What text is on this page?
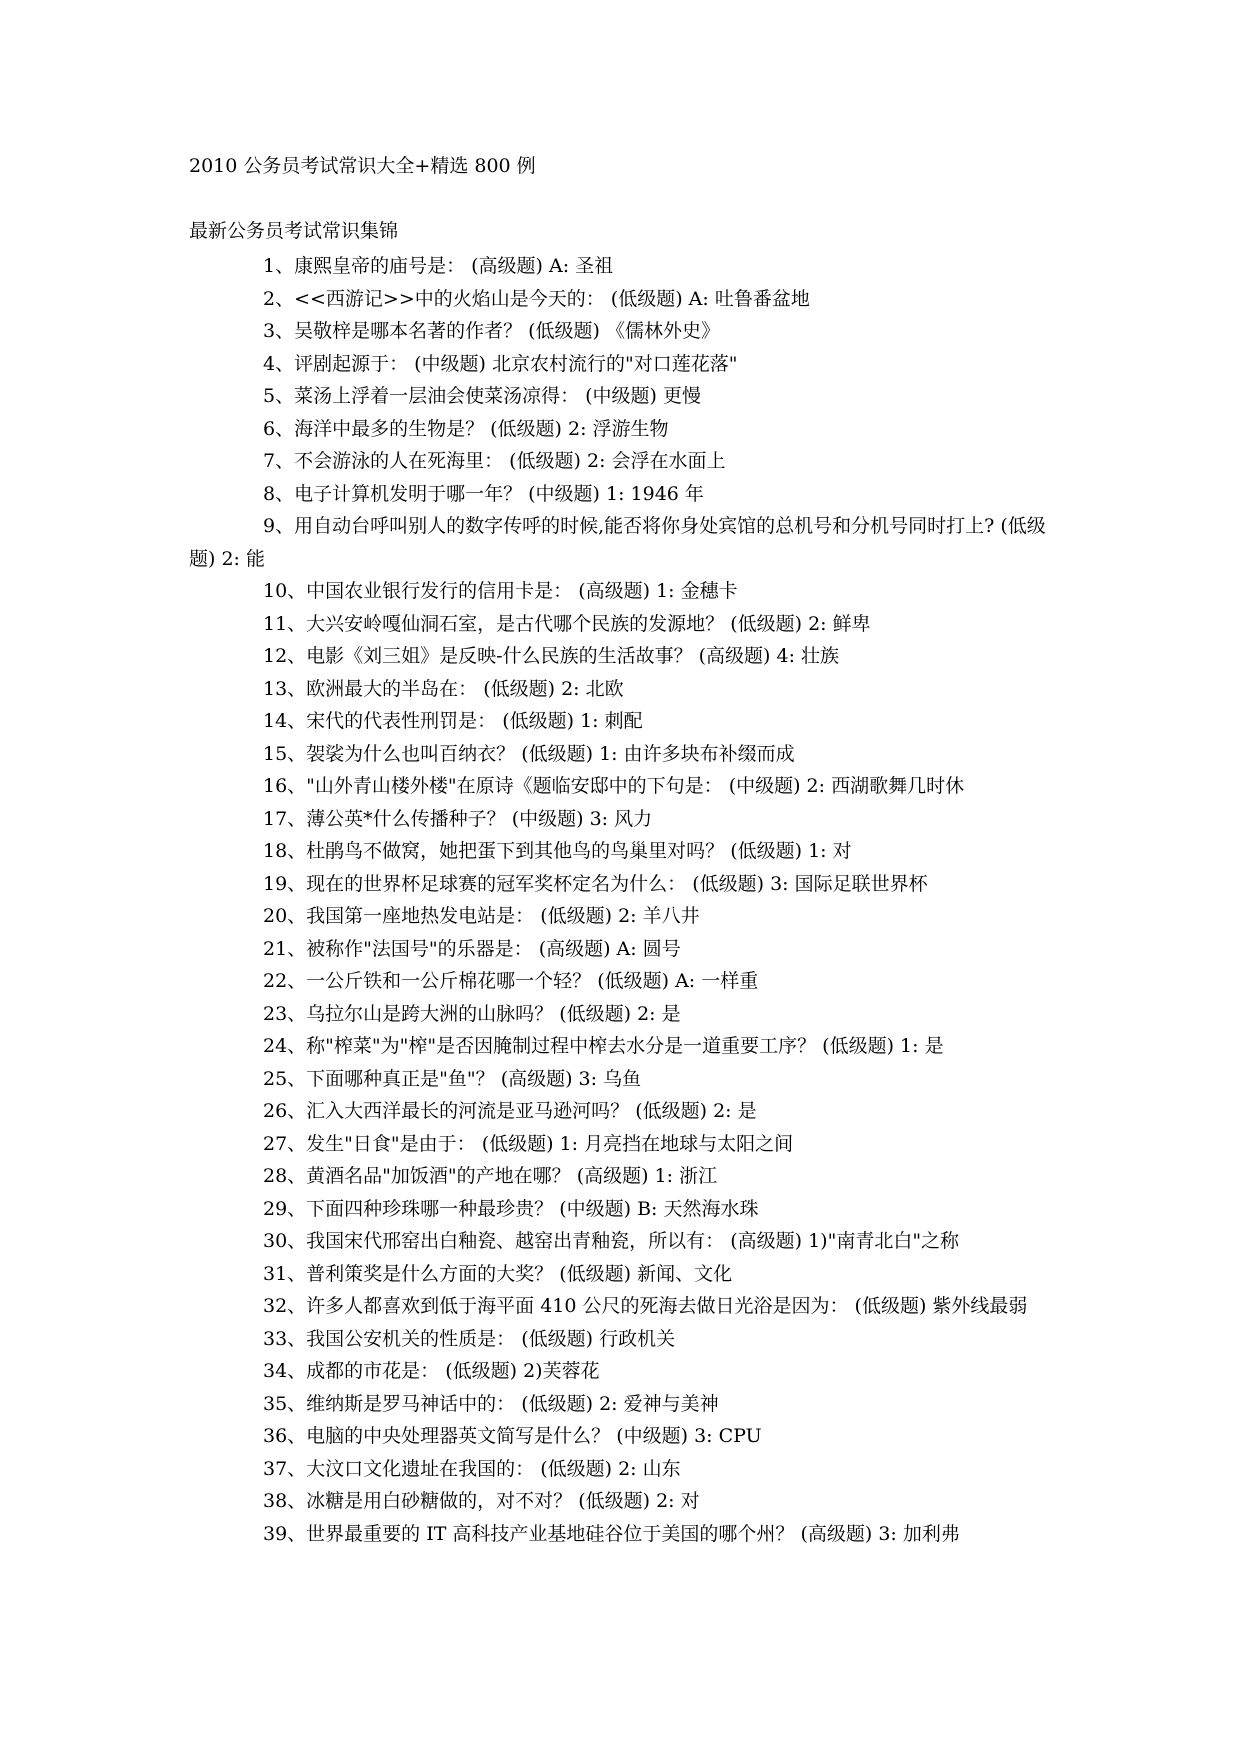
2010 公务员考试常识大全+精选 800 例
最新公务员考试常识集锦
1、康熙皇帝的庙号是： (高级题) A: 圣祖
2、<<西游记>>中的火焰山是今天的： (低级题) A: 吐鲁番盆地
3、吴敬梓是哪本名著的作者？ (低级题) 《儒林外史》
4、评剧起源于： (中级题) 北京农村流行的"对口莲花落"
5、菜汤上浮着一层油会使菜汤凉得： (中级题) 更慢
6、海洋中最多的生物是？ (低级题) 2: 浮游生物
7、不会游泳的人在死海里： (低级题) 2: 会浮在水面上
8、电子计算机发明于哪一年？ (中级题) 1: 1946 年
9、用自动台呼叫别人的数字传呼的时候,能否将你身处宾馆的总机号和分机号同时打上? (低级题) 2: 能
10、中国农业银行发行的信用卡是： (高级题) 1: 金穗卡
11、大兴安岭嘎仙洞石室，是古代哪个民族的发源地？ (低级题) 2: 鲜卑
12、电影《刘三姐》是反映-什么民族的生活故事？ (高级题) 4: 壮族
13、欧洲最大的半岛在： (低级题) 2: 北欧
14、宋代的代表性刑罚是： (低级题) 1: 刺配
15、袈裟为什么也叫百纳衣？ (低级题) 1: 由许多块布补缀而成
16、"山外青山楼外楼"在原诗《题临安邸中的下句是： (中级题) 2: 西湖歌舞几时休
17、薄公英*什么传播种子？ (中级题) 3: 风力
18、杜鹃鸟不做窝，她把蛋下到其他鸟的鸟巢里对吗？ (低级题) 1: 对
19、现在的世界杯足球赛的冠军奖杯定名为什么： (低级题) 3: 国际足联世界杯
20、我国第一座地热发电站是： (低级题) 2: 羊八井
21、被称作"法国号"的乐器是： (高级题) A: 圆号
22、一公斤铁和一公斤棉花哪一个轻？ (低级题) A: 一样重
23、乌拉尔山是跨大洲的山脉吗？ (低级题) 2: 是
24、称"榨菜"为"榨"是否因腌制过程中榨去水分是一道重要工序？ (低级题) 1: 是
25、下面哪种真正是"鱼"？ (高级题) 3: 乌鱼
26、汇入大西洋最长的河流是亚马逊河吗？ (低级题) 2: 是
27、发生"日食"是由于： (低级题) 1: 月亮挡在地球与太阳之间
28、黄酒名品"加饭酒"的产地在哪？ (高级题) 1: 浙江
29、下面四种珍珠哪一种最珍贵？ (中级题) B: 天然海水珠
30、我国宋代邢窑出白釉瓷、越窑出青釉瓷，所以有： (高级题) 1)"南青北白"之称
31、普利策奖是什么方面的大奖？ (低级题) 新闻、文化
32、许多人都喜欢到低于海平面 410 公尺的死海去做日光浴是因为： (低级题) 紫外线最弱
33、我国公安机关的性质是： (低级题) 行政机关
34、成都的市花是： (低级题) 2)芙蓉花
35、维纳斯是罗马神话中的： (低级题) 2: 爱神与美神
36、电脑的中央处理器英文简写是什么？ (中级题) 3: CPU
37、大汶口文化遗址在我国的： (低级题) 2: 山东
38、冰糖是用白砂糖做的，对不对？ (低级题) 2: 对
39、世界最重要的 IT 高科技产业基地硅谷位于美国的哪个州？ (高级题) 3: 加利弗
